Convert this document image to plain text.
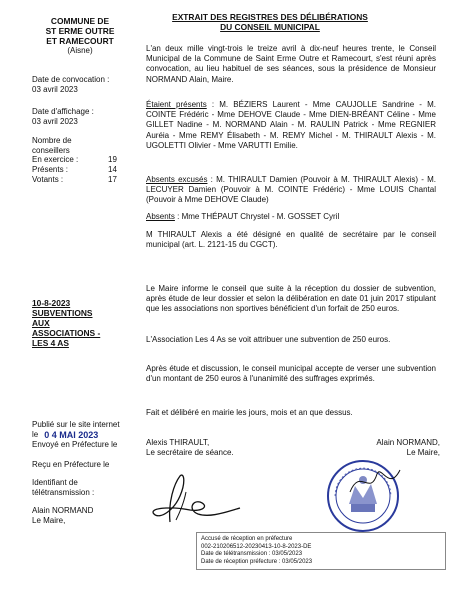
COMMUNE DE
ST ERME OUTRE
ET RAMECOURT
(Aisne)
EXTRAIT DES REGISTRES DES DÉLIBÉRATIONS
DU CONSEIL MUNICIPAL
Date de convocation :
03 avril 2023
Date d'affichage :
03 avril 2023
Nombre de
conseillers
En exercice :	19
Présents :	14
Votants :	17
L'an deux mille vingt-trois le treize avril à dix-neuf heures trente, le Conseil Municipal de la Commune de Saint Erme Outre et Ramecourt, s'est réuni après convocation, au lieu habituel de ses séances, sous la présidence de Monsieur NORMAND Alain, Maire.
Étaient présents : M. BÉZIERS Laurent - Mme CAUJOLLE Sandrine - M. COINTE Frédéric - Mme DEHOVE Claude - Mme DIEN-BRÉANT Céline - Mme GILLET Nadine - M. NORMAND Alain - M. RAULIN Patrick - Mme REGNIER Auréia - Mme REMY Élisabeth - M. REMY Michel - M. THIRAULT Alexis - M. UGOLETTI Olivier - Mme VARUTTI Emilie.
Absents excusés : M. THIRAULT Damien (Pouvoir à M. THIRAULT Alexis) - M. LECUYER Damien (Pouvoir à M. COINTE Frédéric) - Mme LOUIS Chantal (Pouvoir à Mme DEHOVE Claude)
Absents : Mme THÉPAUT Chrystel - M. GOSSET Cyril
M THIRAULT Alexis a été désigné en qualité de secrétaire par le conseil municipal (art. L. 2121-15 du CGCT).
10-8-2023
SUBVENTIONS
AUX
ASSOCIATIONS -
LES 4 AS
Le Maire informe le conseil que suite à la réception du dossier de subvention, après étude de leur dossier et selon la délibération en date 01 juin 2017 stipulant que les associations non sportives bénéficient d'un forfait de 250 euros.
L'Association Les 4 As se voit attribuer une subvention de 250 euros.
Après étude et discussion, le conseil municipal accepte de verser une subvention d'un montant de 250 euros à l'unanimité des suffrages exprimés.
Fait et délibéré en mairie les jours, mois et an que dessus.
Publié sur le site internet
le 0 4 MAI 2023
Envoyé en Préfecture le
Reçu en Préfecture le
Identifiant de
télétransmission :
Alain NORMAND
Le Maire,
Alexis THIRAULT,
Le secrétaire de séance.
Alain NORMAND,
Le Maire,
Accusé de réception en préfecture
002-210206512-20230413-10-8-2023-DE
Date de télétransmission : 03/05/2023
Date de réception préfecture : 03/05/2023
